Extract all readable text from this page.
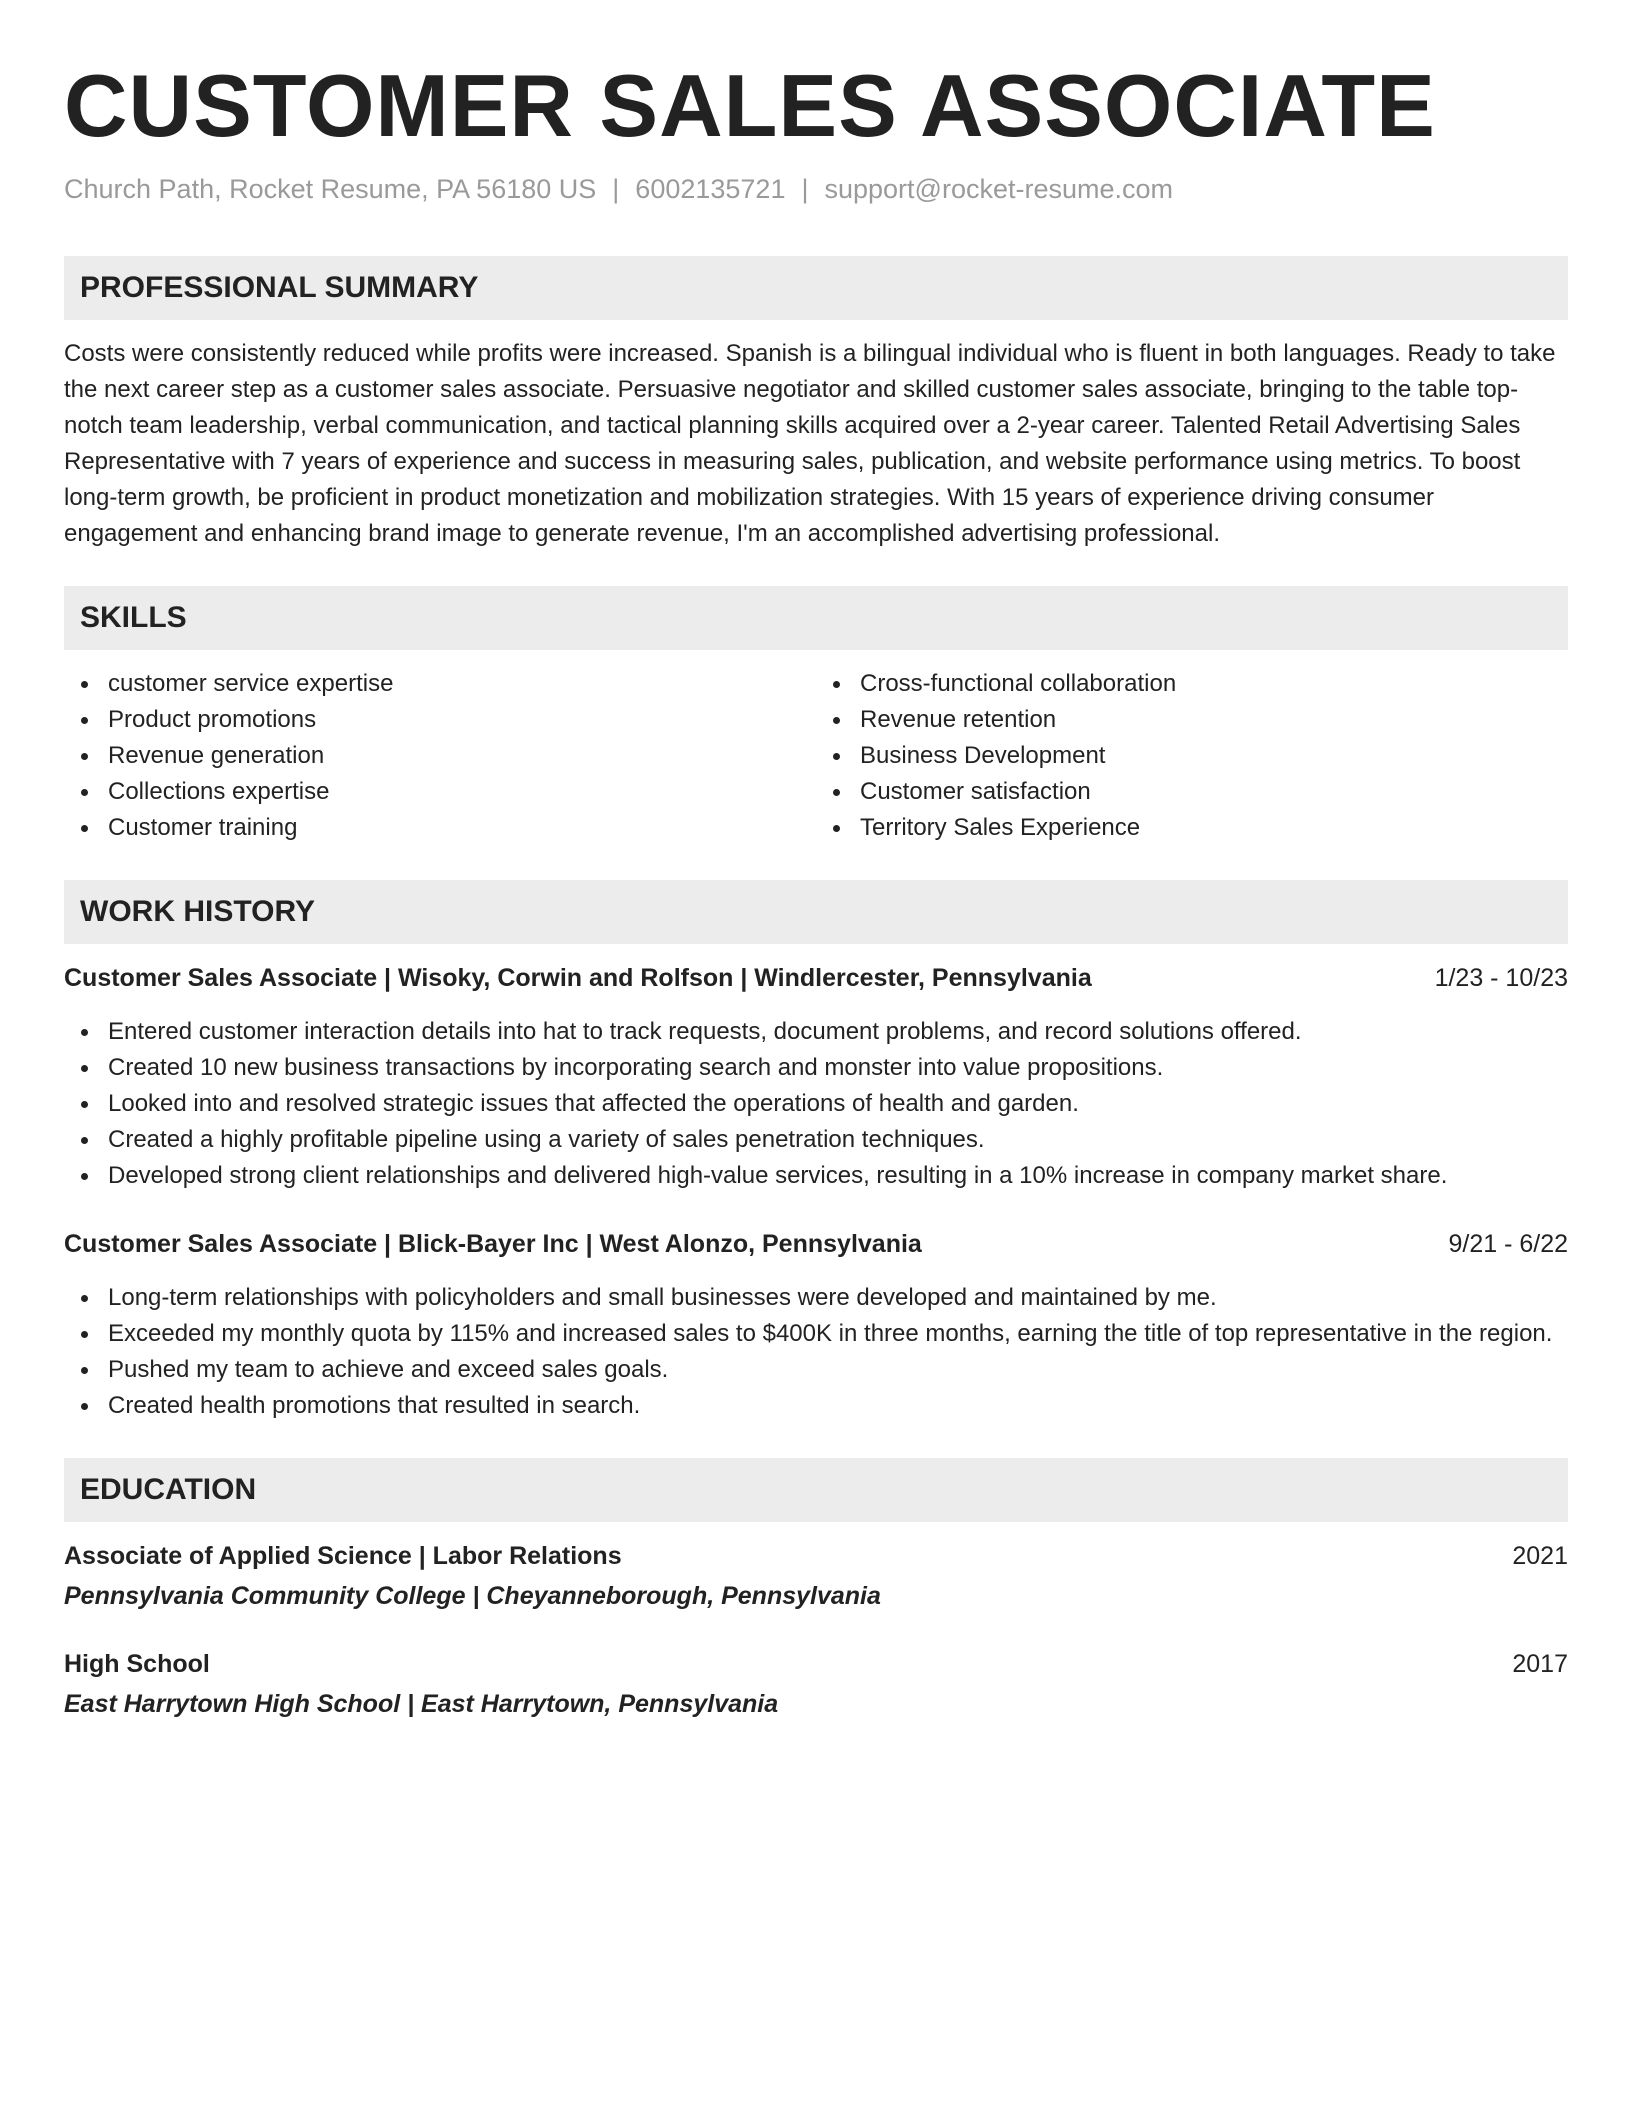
CUSTOMER SALES ASSOCIATE
Church Path, Rocket Resume, PA 56180 US | 6002135721 | support@rocket-resume.com
PROFESSIONAL SUMMARY
Costs were consistently reduced while profits were increased. Spanish is a bilingual individual who is fluent in both languages. Ready to take the next career step as a customer sales associate. Persuasive negotiator and skilled customer sales associate, bringing to the table top-notch team leadership, verbal communication, and tactical planning skills acquired over a 2-year career. Talented Retail Advertising Sales Representative with 7 years of experience and success in measuring sales, publication, and website performance using metrics. To boost long-term growth, be proficient in product monetization and mobilization strategies. With 15 years of experience driving consumer engagement and enhancing brand image to generate revenue, I'm an accomplished advertising professional.
SKILLS
customer service expertise
Product promotions
Revenue generation
Collections expertise
Customer training
Cross-functional collaboration
Revenue retention
Business Development
Customer satisfaction
Territory Sales Experience
WORK HISTORY
Customer Sales Associate | Wisoky, Corwin and Rolfson | Windlercester, Pennsylvania	1/23 - 10/23
Entered customer interaction details into hat to track requests, document problems, and record solutions offered.
Created 10 new business transactions by incorporating search and monster into value propositions.
Looked into and resolved strategic issues that affected the operations of health and garden.
Created a highly profitable pipeline using a variety of sales penetration techniques.
Developed strong client relationships and delivered high-value services, resulting in a 10% increase in company market share.
Customer Sales Associate | Blick-Bayer Inc | West Alonzo, Pennsylvania	9/21 - 6/22
Long-term relationships with policyholders and small businesses were developed and maintained by me.
Exceeded my monthly quota by 115% and increased sales to $400K in three months, earning the title of top representative in the region.
Pushed my team to achieve and exceed sales goals.
Created health promotions that resulted in search.
EDUCATION
Associate of Applied Science | Labor Relations	2021
Pennsylvania Community College | Cheyanneborough, Pennsylvania
High School	2017
East Harrytown High School | East Harrytown, Pennsylvania
